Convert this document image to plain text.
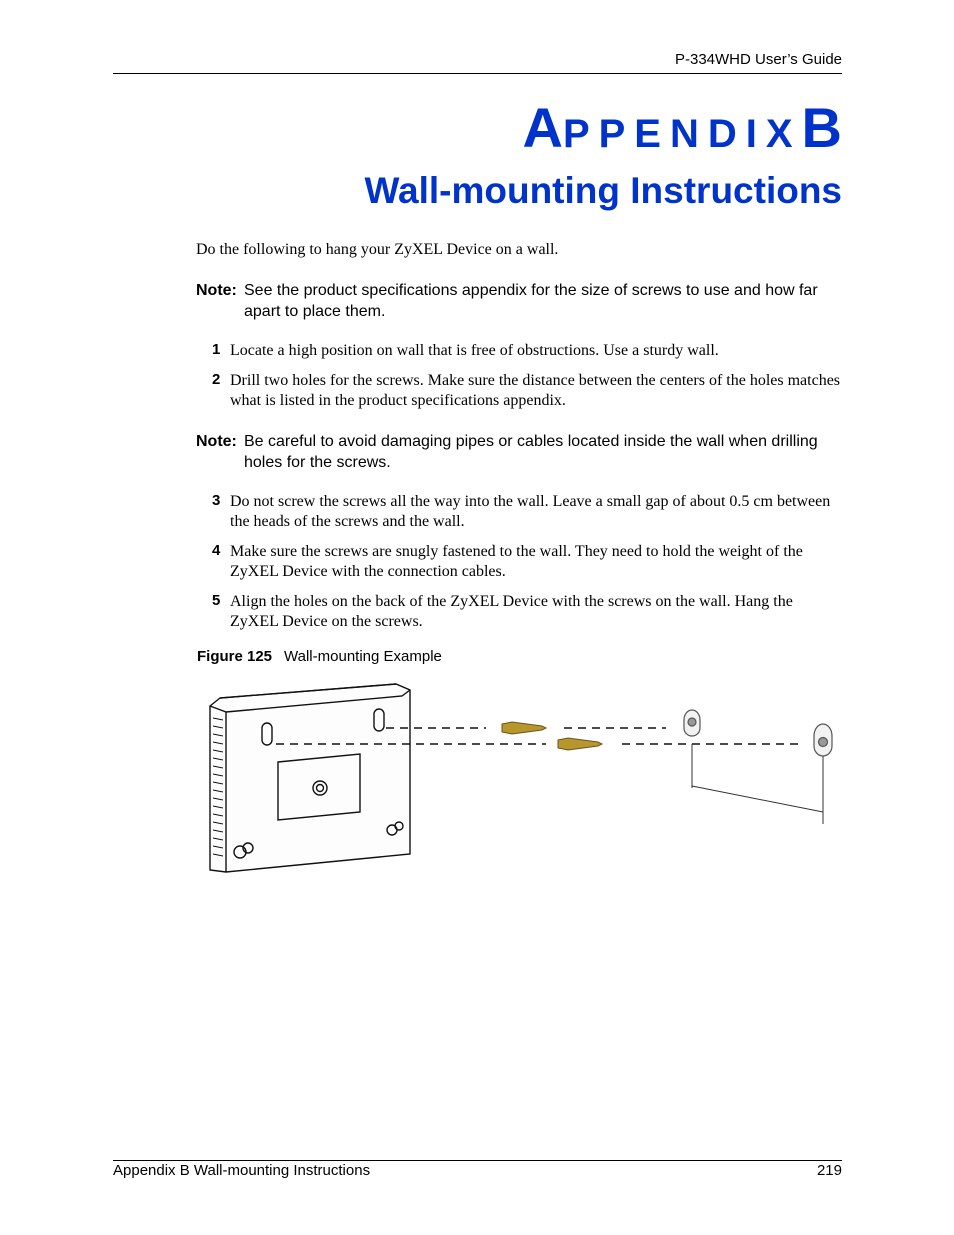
P-334WHD User’s Guide
APPENDIXB
Wall-mounting Instructions
Do the following to hang your ZyXEL Device on a wall.
Note: See the product specifications appendix for the size of screws to use and how far apart to place them.
1 Locate a high position on wall that is free of obstructions. Use a sturdy wall.
2 Drill two holes for the screws. Make sure the distance between the centers of the holes matches what is listed in the product specifications appendix.
Note: Be careful to avoid damaging pipes or cables located inside the wall when drilling holes for the screws.
3 Do not screw the screws all the way into the wall. Leave a small gap of about 0.5 cm between the heads of the screws and the wall.
4 Make sure the screws are snugly fastened to the wall. They need to hold the weight of the ZyXEL Device with the connection cables.
5 Align the holes on the back of the ZyXEL Device with the screws on the wall. Hang the ZyXEL Device on the screws.
Figure 125 Wall-mounting Example
Appendix B Wall-mounting Instructions	219
